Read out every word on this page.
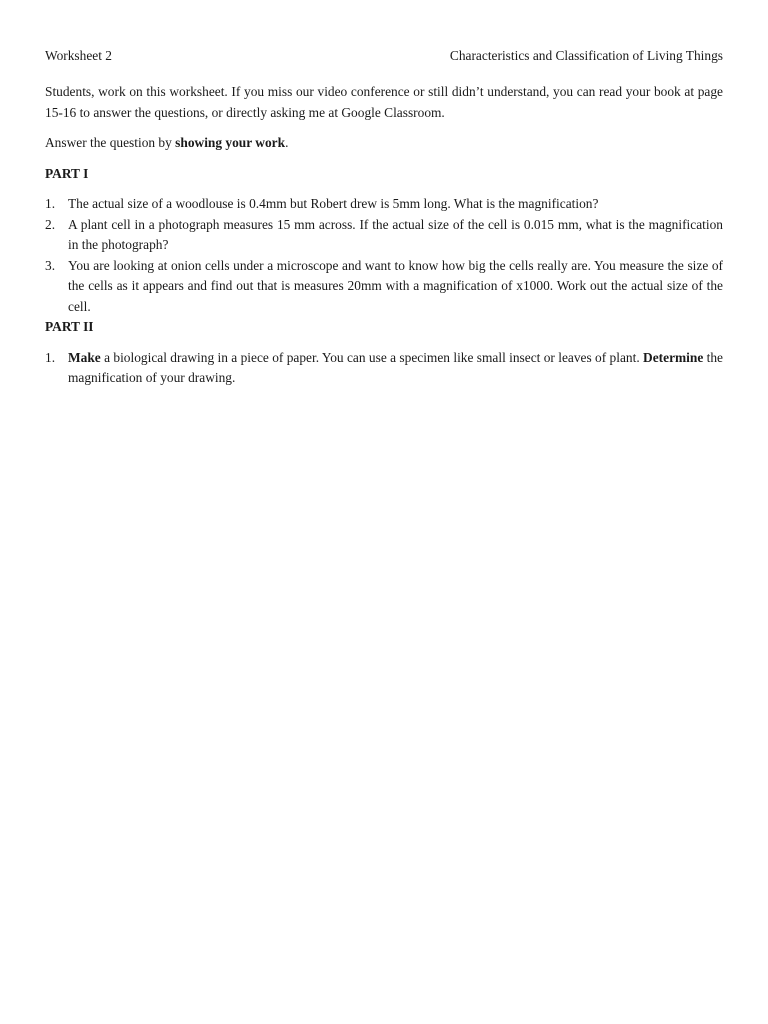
Worksheet 2	Characteristics and Classification of Living Things
Students, work on this worksheet. If you miss our video conference or still didn’t understand, you can read your book at page 15-16 to answer the questions, or directly asking me at Google Classroom.
Answer the question by showing your work.
PART I
1. The actual size of a woodlouse is 0.4mm but Robert drew is 5mm long. What is the magnification?
2. A plant cell in a photograph measures 15 mm across. If the actual size of the cell is 0.015 mm, what is the magnification in the photograph?
3. You are looking at onion cells under a microscope and want to know how big the cells really are. You measure the size of the cells as it appears and find out that is measures 20mm with a magnification of x1000. Work out the actual size of the cell.
PART II
1. Make a biological drawing in a piece of paper. You can use a specimen like small insect or leaves of plant. Determine the magnification of your drawing.
